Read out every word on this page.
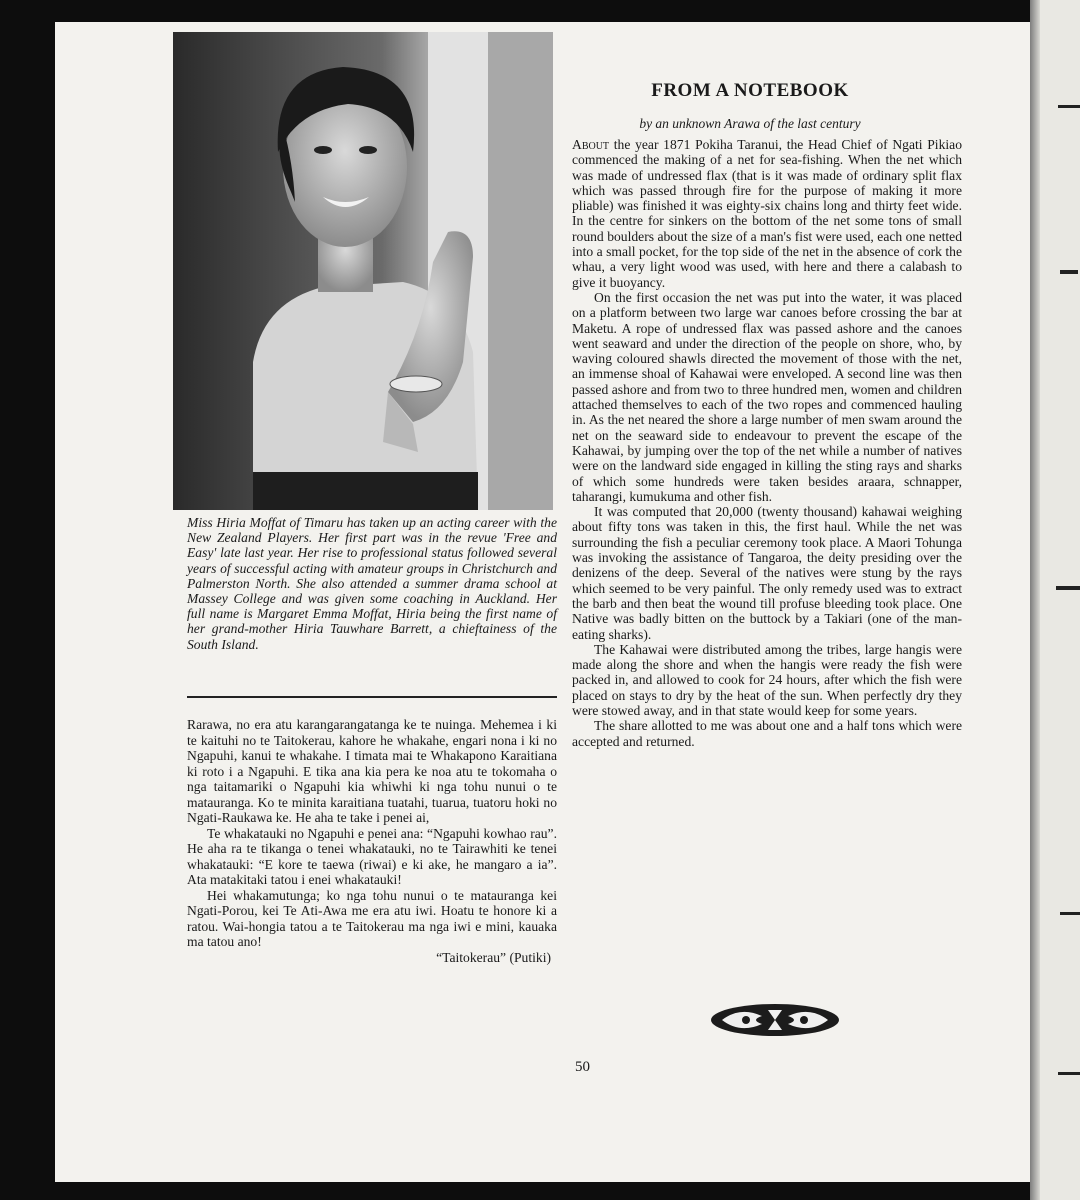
Miss Hiria Moffat of Timaru has taken up an acting career with the New Zealand Players. Her first part was in the revue 'Free and Easy' late last year. Her rise to professional status followed several years of successful acting with amateur groups in Christchurch and Palmerston North. She also attended a summer drama school at Massey College and was given some coaching in Auckland. Her full name is Margaret Emma Moffat, Hiria being the first name of her grand-mother Hiria Tauwhare Barrett, a chieftainess of the South Island.

Rarawa, no era atu karangarangatanga ke te nuinga. Mehemea i ki te kaituhi no te Taitokerau, kahore he whakahe, engari nona i ki no Ngapuhi, kanui te whakahe. I timata mai te Whakapono Karaitiana ki roto i a Ngapuhi. E tika ana kia pera ke noa atu te tokomaha o nga taitamariki o Ngapuhi kia whiwhi ki nga tohu nunui o te matauranga. Ko te minita karaitiana tuatahi, tuarua, tuatoru hoki no Ngati-Raukawa ke. He aha te take i penei ai,

Te whakatauki no Ngapuhi e penei ana: “Ngapuhi kowhao rau”. He aha ra te tikanga o tenei whakatauki, no te Tairawhiti ke tenei whakatauki: “E kore te taewa (riwai) e ki ake, he mangaro a ia”. Ata matakitaki tatou i enei whakatauki!

Hei whakamutunga; ko nga tohu nunui o te matauranga kei Ngati-Porou, kei Te Ati-Awa me era atu iwi. Hoatu te honore ki a ratou. Wai-hongia tatou a te Taitokerau ma nga iwi e mini, kauaka ma tatou ano!

“Taitokerau” (Putiki)

FROM A NOTEBOOK
by an unknown Arawa of the last century

About the year 1871 Pokiha Taranui, the Head Chief of Ngati Pikiao commenced the making of a net for sea-fishing. When the net which was made of undressed flax (that is it was made of ordinary split flax which was passed through fire for the purpose of making it more pliable) was finished it was eighty-six chains long and thirty feet wide. In the centre for sinkers on the bottom of the net some tons of small round boulders about the size of a man's fist were used, each one netted into a small pocket, for the top side of the net in the absence of cork the whau, a very light wood was used, with here and there a calabash to give it buoyancy.

On the first occasion the net was put into the water, it was placed on a platform between two large war canoes before crossing the bar at Maketu. A rope of undressed flax was passed ashore and the canoes went seaward and under the direction of the people on shore, who, by waving coloured shawls directed the movement of those with the net, an immense shoal of Kahawai were enveloped. A second line was then passed ashore and from two to three hundred men, women and children attached themselves to each of the two ropes and commenced hauling in. As the net neared the shore a large number of men swam around the net on the seaward side to endeavour to prevent the escape of the Kahawai, by jumping over the top of the net while a number of natives were on the landward side engaged in killing the sting rays and sharks of which some hundreds were taken besides araara, schnapper, taharangi, kumukuma and other fish.

It was computed that 20,000 (twenty thousand) kahawai weighing about fifty tons was taken in this, the first haul. While the net was surrounding the fish a peculiar ceremony took place. A Maori Tohunga was invoking the assistance of Tangaroa, the deity presiding over the denizens of the deep. Several of the natives were stung by the rays which seemed to be very painful. The only remedy used was to extract the barb and then beat the wound till profuse bleeding took place. One Native was badly bitten on the buttock by a Takiari (one of the man-eating sharks).

The Kahawai were distributed among the tribes, large hangis were made along the shore and when the hangis were ready the fish were packed in, and allowed to cook for 24 hours, after which the fish were placed on stays to dry by the heat of the sun. When perfectly dry they were stowed away, and in that state would keep for some years.

The share allotted to me was about one and a half tons which were accepted and returned.

50
